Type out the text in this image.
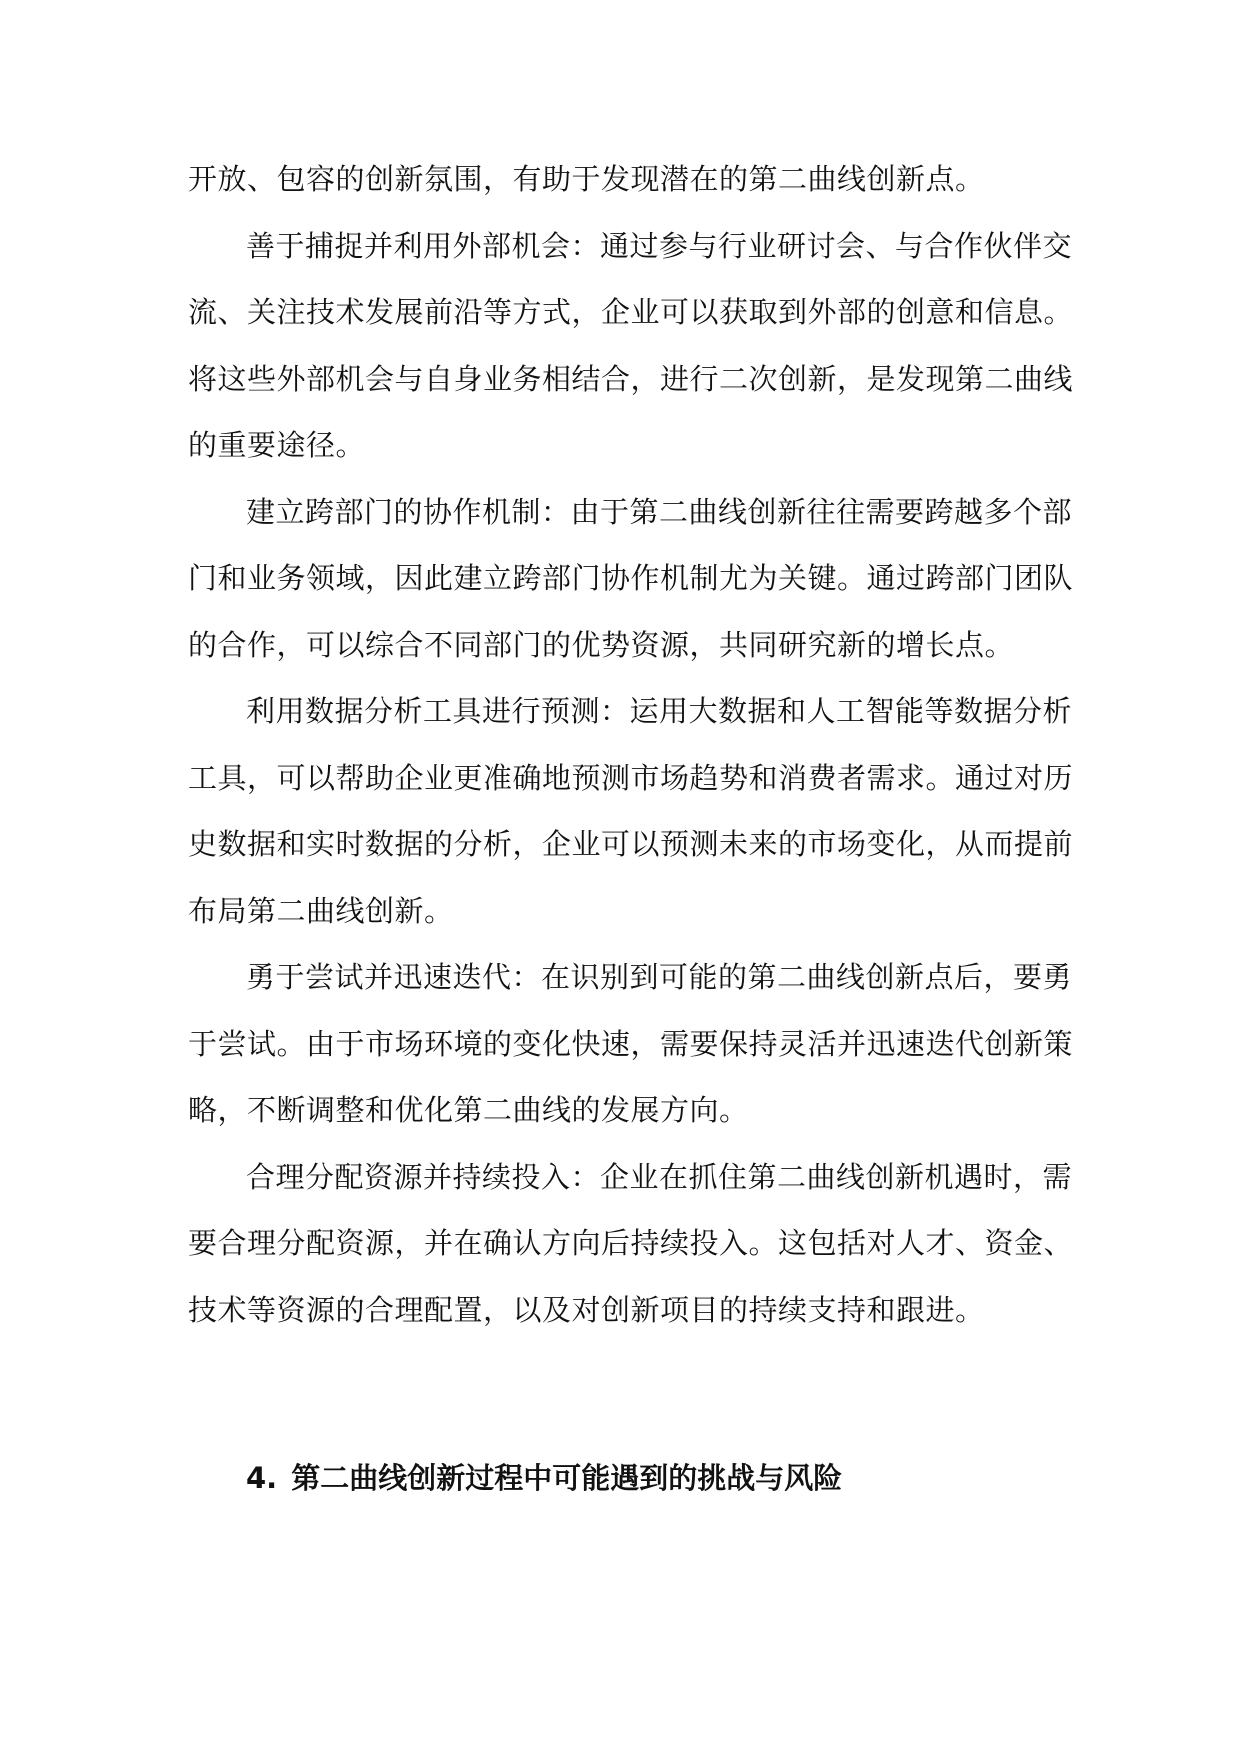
开放、包容的创新氛围，有助于发现潜在的第二曲线创新点。
善于捕捉并利用外部机会：通过参与行业研讨会、与合作伙伴交
流、关注技术发展前沿等方式，企业可以获取到外部的创意和信息。
将这些外部机会与自身业务相结合，进行二次创新，是发现第二曲线
的重要途径。
建立跨部门的协作机制：由于第二曲线创新往往需要跨越多个部
门和业务领域，因此建立跨部门协作机制尤为关键。通过跨部门团队
的合作，可以综合不同部门的优势资源，共同研究新的增长点。
利用数据分析工具进行预测：运用大数据和人工智能等数据分析
工具，可以帮助企业更准确地预测市场趋势和消费者需求。通过对历
史数据和实时数据的分析，企业可以预测未来的市场变化，从而提前
布局第二曲线创新。
勇于尝试并迅速迭代：在识别到可能的第二曲线创新点后，要勇
于尝试。由于市场环境的变化快速，需要保持灵活并迅速迭代创新策
略，不断调整和优化第二曲线的发展方向。
合理分配资源并持续投入：企业在抓住第二曲线创新机遇时，需
要合理分配资源，并在确认方向后持续投入。这包括对人才、资金、
技术等资源的合理配置，以及对创新项目的持续支持和跟进。
4. 第二曲线创新过程中可能遇到的挑战与风险
